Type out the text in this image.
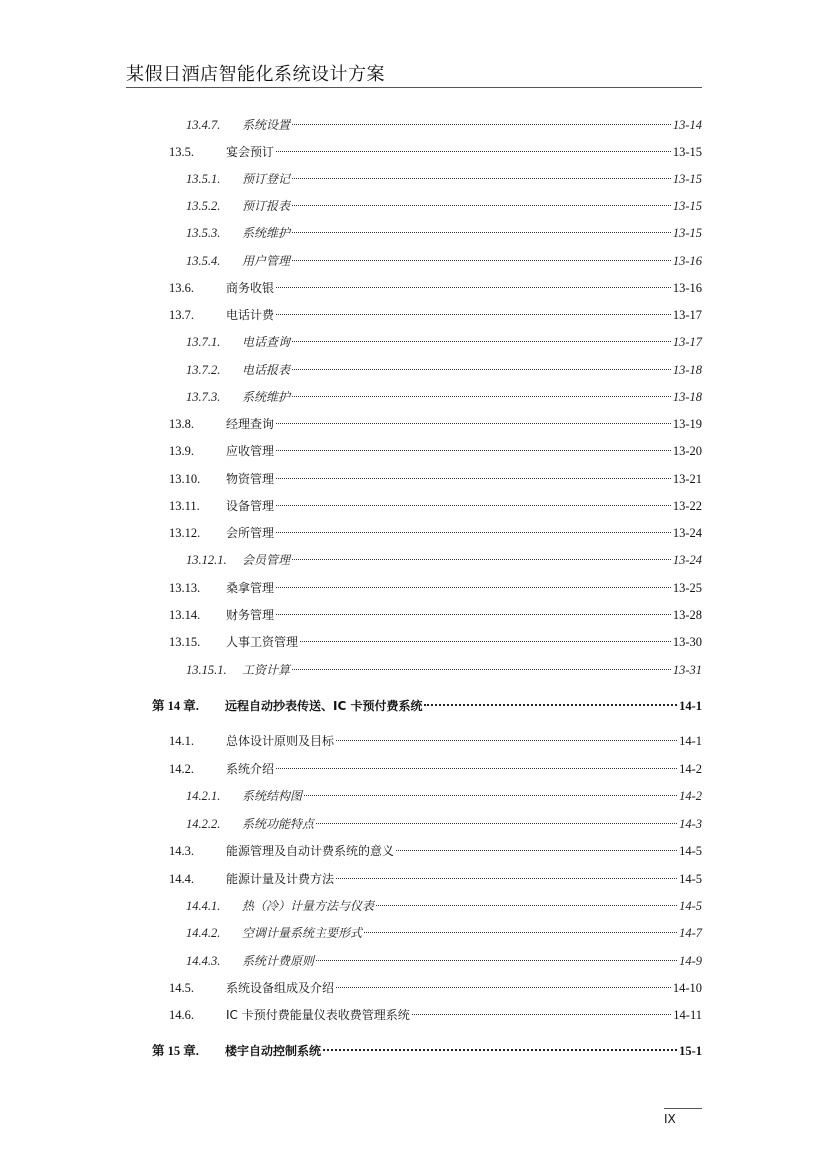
某假日酒店智能化系统设计方案
13.4.7.	系统设置	13-14
13.5.	宴会预订	13-15
13.5.1.	预订登记	13-15
13.5.2.	预订报表	13-15
13.5.3.	系统维护	13-15
13.5.4.	用户管理	13-16
13.6.	商务收银	13-16
13.7.	电话计费	13-17
13.7.1.	电话查询	13-17
13.7.2.	电话报表	13-18
13.7.3.	系统维护	13-18
13.8.	经理查询	13-19
13.9.	应收管理	13-20
13.10.	物资管理	13-21
13.11.	设备管理	13-22
13.12.	会所管理	13-24
13.12.1.	会员管理	13-24
13.13.	桑拿管理	13-25
13.14.	财务管理	13-28
13.15.	人事工资管理	13-30
13.15.1.	工资计算	13-31
第 14 章.	远程自动抄表传送、IC 卡预付费系统	14-1
14.1.	总体设计原则及目标	14-1
14.2.	系统介绍	14-2
14.2.1.	系统结构图	14-2
14.2.2.	系统功能特点	14-3
14.3.	能源管理及自动计费系统的意义	14-5
14.4.	能源计量及计费方法	14-5
14.4.1.	热（冷）计量方法与仪表	14-5
14.4.2.	空调计量系统主要形式	14-7
14.4.3.	系统计费原则	14-9
14.5.	系统设备组成及介绍	14-10
14.6.	IC 卡预付费能量仪表收费管理系统	14-11
第 15 章.	楼宇自动控制系统	15-1
IX
